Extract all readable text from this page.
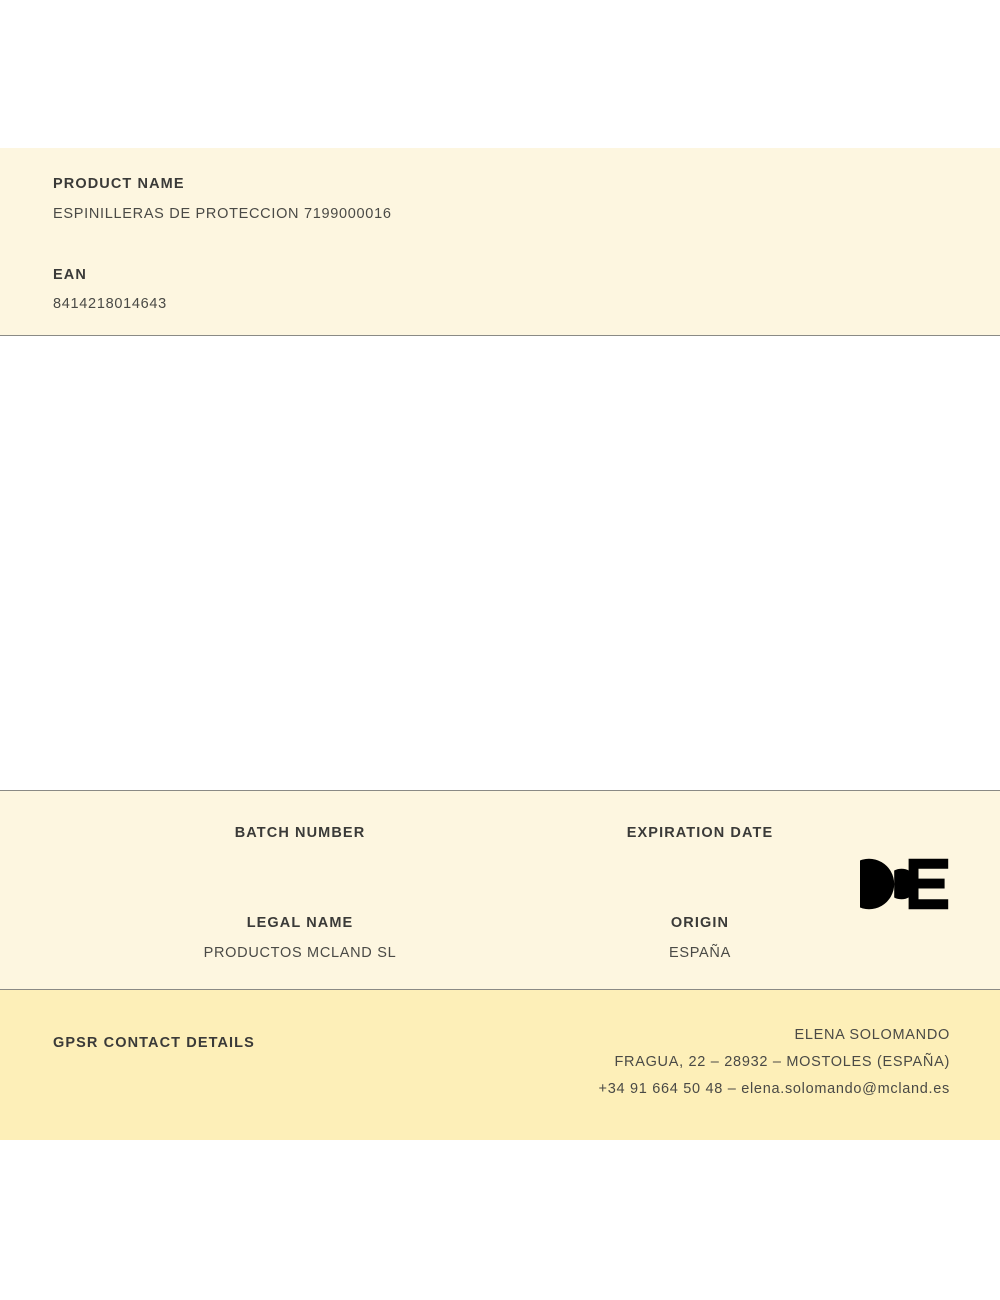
PRODUCT NAME
ESPINILLERAS DE PROTECCION 7199000016
EAN
8414218014643
BATCH NUMBER	EXPIRATION DATE
LEGAL NAME
PRODUCTOS MCLAND SL
ORIGIN
ESPAÑA
GPSR CONTACT DETAILS	ELENA SOLOMANDO
FRAGUA, 22 – 28932 – MOSTOLES (ESPAÑA)
+34 91 664 50 48 – elena.solomando@mcland.es
